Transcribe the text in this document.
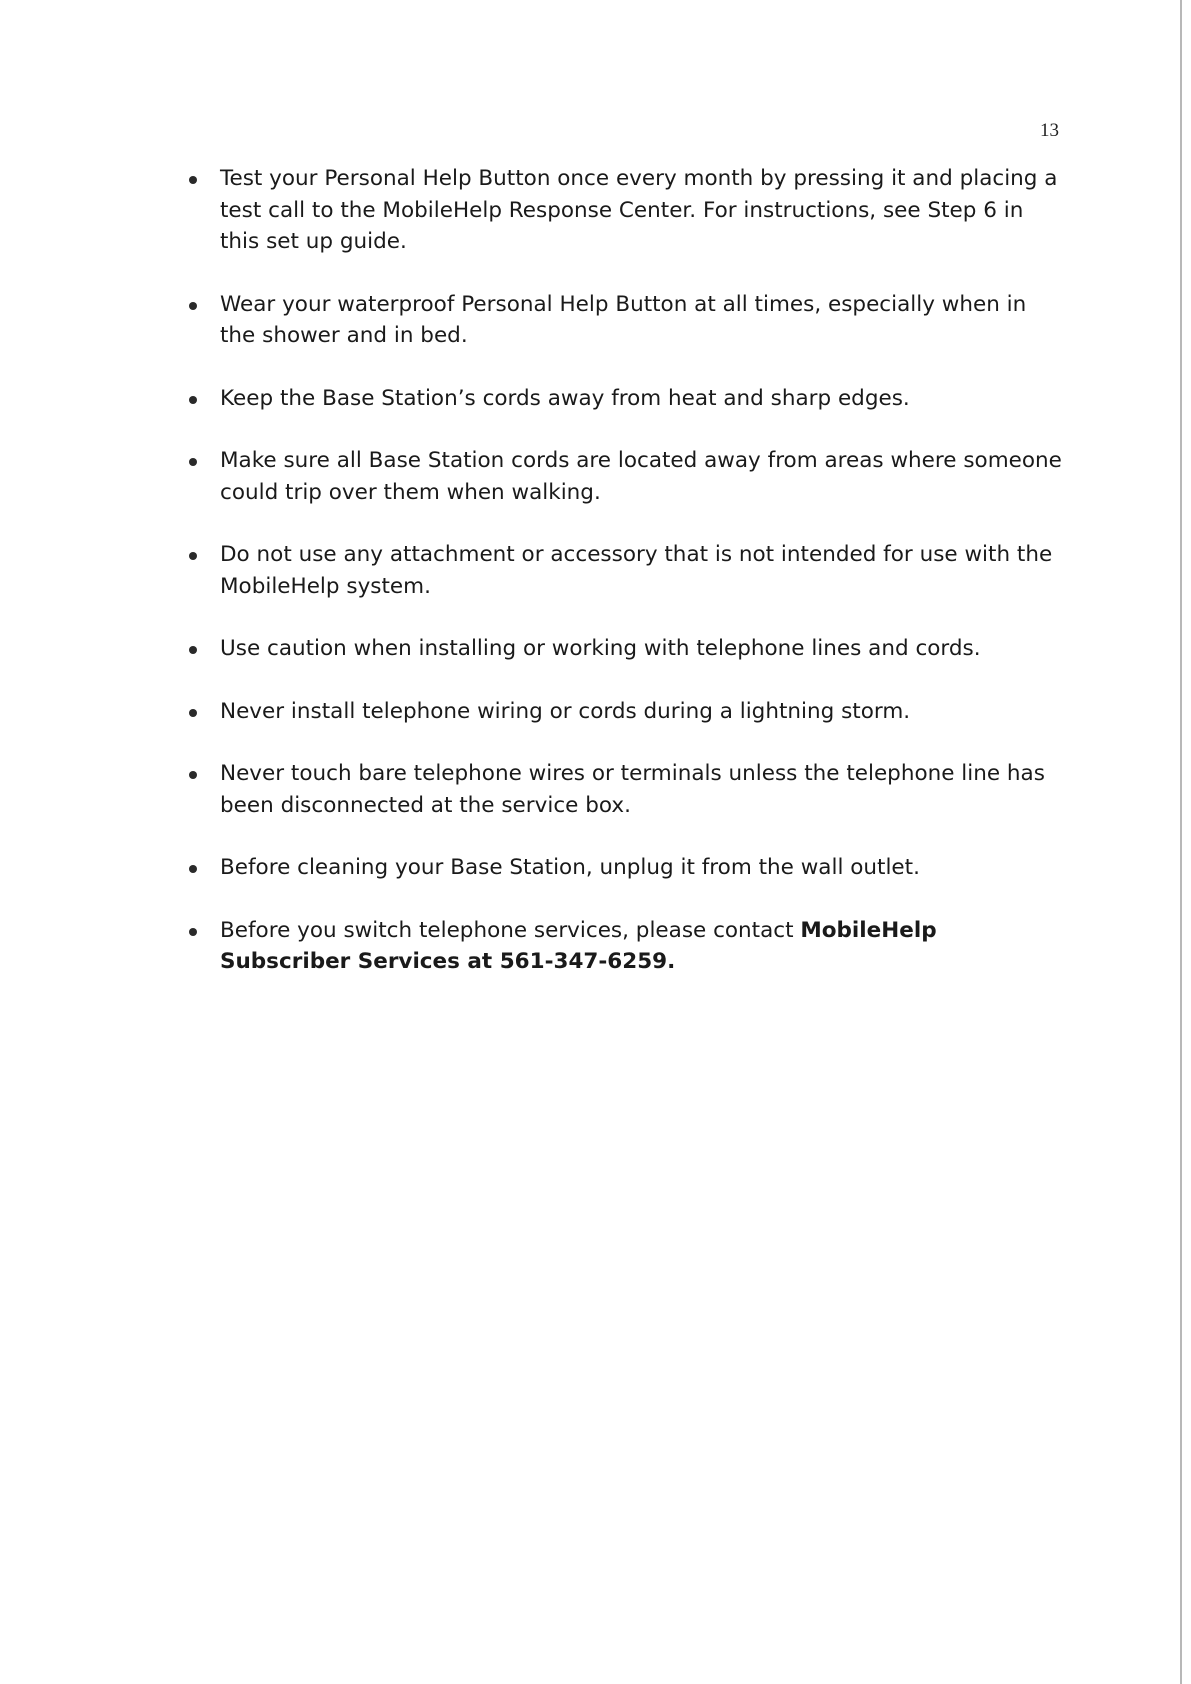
13
Test your Personal Help Button once every month by pressing it and placing a test call to the MobileHelp Response Center. For instructions, see Step 6 in this set up guide.
Wear your waterproof Personal Help Button at all times, especially when in the shower and in bed.
Keep the Base Station’s cords away from heat and sharp edges.
Make sure all Base Station cords are located away from areas where someone could trip over them when walking.
Do not use any attachment or accessory that is not intended for use with the MobileHelp system.
Use caution when installing or working with telephone lines and cords.
Never install telephone wiring or cords during a lightning storm.
Never touch bare telephone wires or terminals unless the telephone line has been disconnected at the service box.
Before cleaning your Base Station, unplug it from the wall outlet.
Before you switch telephone services, please contact MobileHelp Subscriber Services at 561-347-6259.
